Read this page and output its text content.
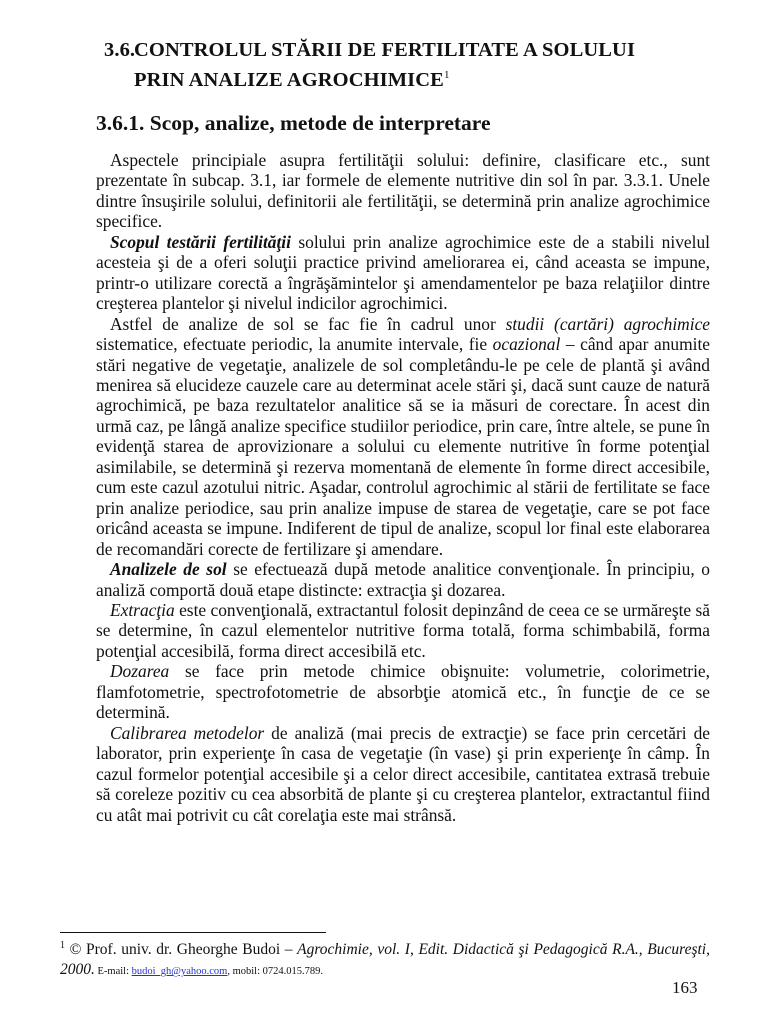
3.6.CONTROLUL STĂRII DE FERTILITATE A SOLULUI
PRIN ANALIZE AGROCHIMICE$^1$
3.6.1. Scop, analize, metode de interpretare

Aspectele principiale asupra fertilităţii solului: definire, clasificare etc., sunt prezentate în subcap. 3.1, iar formele de elemente nutritive din sol în par. 3.3.1. Unele dintre însuşirile solului, definitorii ale fertilităţii, se determină prin analize agrochimice specifice.

Scopul testării fertilităţii solului prin analize agrochimice este de a stabili nivelul acesteia şi de a oferi soluţii practice privind ameliorarea ei, când aceasta se impune, printr-o utilizare corectă a îngrăşămintelor şi amendamentelor pe baza relaţiilor dintre creşterea plantelor şi nivelul indicilor agrochimici.

Astfel de analize de sol se fac fie în cadrul unor studii (cartări) agrochimice sistematice, efectuate periodic, la anumite intervale, fie ocazional – când apar anumite stări negative de vegetaţie, analizele de sol completându-le pe cele de plantă şi având menirea să elucideze cauzele care au determinat acele stări şi, dacă sunt cauze de natură agrochimică, pe baza rezultatelor analitice să se ia măsuri de corectare. În acest din urmă caz, pe lângă analize specifice studiilor periodice, prin care, între altele, se pune în evidenţă starea de aprovizionare a solului cu elemente nutritive în forme potenţial asimilabile, se determină şi rezerva momentană de elemente în forme direct accesibile, cum este cazul azotului nitric. Aşadar, controlul agrochimic al stării de fertilitate se face prin analize periodice, sau prin analize impuse de starea de vegetaţie, care se pot face oricând aceasta se impune. Indiferent de tipul de analize, scopul lor final este elaborarea de recomandări corecte de fertilizare şi amendare.

Analizele de sol se efectuează după metode analitice convenţionale. În principiu, o analiză comportă două etape distincte: extracţia şi dozarea.

Extracţia este convenţională, extractantul folosit depinzând de ceea ce se urmăreşte să se determine, în cazul elementelor nutritive forma totală, forma schimbabilă, forma potenţial accesibilă, forma direct accesibilă etc.

Dozarea se face prin metode chimice obişnuite: volumetrie, colorimetrie, flamfotometrie, spectrofotometrie de absorbţie atomică etc., în funcţie de ce se determină.

Calibrarea metodelor de analiză (mai precis de extracţie) se face prin cercetări de laborator, prin experienţe în casa de vegetaţie (în vase) şi prin experienţe în câmp. În cazul formelor potenţial accesibile şi a celor direct accesibile, cantitatea extrasă trebuie să coreleze pozitiv cu cea absorbită de plante şi cu creşterea plantelor, extractantul fiind cu atât mai potrivit cu cât corelaţia este mai strânsă.

$^1$ © Prof. univ. dr. Gheorghe Budoi – Agrochimie, vol. I, Edit. Didactică şi Pedagogică R.A., Bucureşti, 2000. E-mail: budoi_gh@yahoo.com, mobil: 0724.015.789.
163
